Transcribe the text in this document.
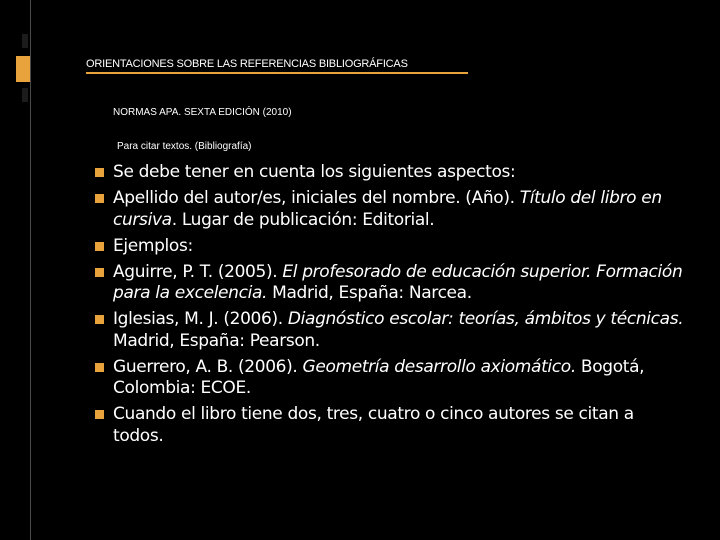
ORIENTACIONES SOBRE LAS REFERENCIAS BIBLIOGRÁFICAS
NORMAS APA. SEXTA EDICIÓN (2010)
Para citar textos. (Bibliografía)
Se debe tener en cuenta los siguientes aspectos:
Apellido del autor/es, iniciales del nombre. (Año). Título del libro en cursiva. Lugar de publicación: Editorial.
Ejemplos:
Aguirre, P. T. (2005). El profesorado de educación superior. Formación para la excelencia. Madrid, España: Narcea.
Iglesias, M. J. (2006). Diagnóstico escolar: teorías, ámbitos y técnicas. Madrid, España: Pearson.
Guerrero, A. B. (2006). Geometría desarrollo axiomático. Bogotá, Colombia: ECOE.
Cuando el libro tiene dos, tres, cuatro o cinco autores se citan a todos.
